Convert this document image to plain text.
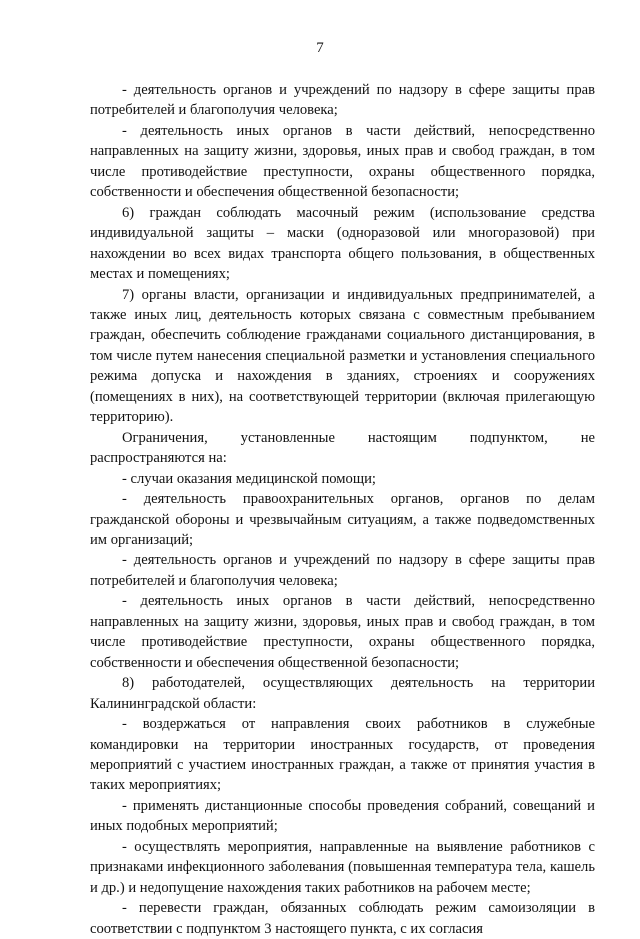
7

- деятельность органов и учреждений по надзору в сфере защиты прав потребителей и благополучия человека;

- деятельность иных органов в части действий, непосредственно направленных на защиту жизни, здоровья, иных прав и свобод граждан, в том числе противодействие преступности, охраны общественного порядка, собственности и обеспечения общественной безопасности;

6) граждан соблюдать масочный режим (использование средства индивидуальной защиты – маски (одноразовой или многоразовой) при нахождении во всех видах транспорта общего пользования, в общественных местах и помещениях;

7) органы власти, организации и индивидуальных предпринимателей, а также иных лиц, деятельность которых связана с совместным пребыванием граждан, обеспечить соблюдение гражданами социального дистанцирования, в том числе путем нанесения специальной разметки и установления специального режима допуска и нахождения в зданиях, строениях и сооружениях (помещениях в них), на соответствующей территории (включая прилегающую территорию).

Ограничения, установленные настоящим подпунктом, не распространяются на:

- случаи оказания медицинской помощи;

- деятельность правоохранительных органов, органов по делам гражданской обороны и чрезвычайным ситуациям, а также подведомственных им организаций;

- деятельность органов и учреждений по надзору в сфере защиты прав потребителей и благополучия человека;

- деятельность иных органов в части действий, непосредственно направленных на защиту жизни, здоровья, иных прав и свобод граждан, в том числе противодействие преступности, охраны общественного порядка, собственности и обеспечения общественной безопасности;

8) работодателей, осуществляющих деятельность на территории Калининградской области:

- воздержаться от направления своих работников в служебные командировки на территории иностранных государств, от проведения мероприятий с участием иностранных граждан, а также от принятия участия в таких мероприятиях;

- применять дистанционные способы проведения собраний, совещаний и иных подобных мероприятий;

- осуществлять мероприятия, направленные на выявление работников с признаками инфекционного заболевания (повышенная температура тела, кашель и др.) и недопущение нахождения таких работников на рабочем месте;

- перевести граждан, обязанных соблюдать режим самоизоляции в соответствии с подпунктом 3 настоящего пункта, с их согласия
